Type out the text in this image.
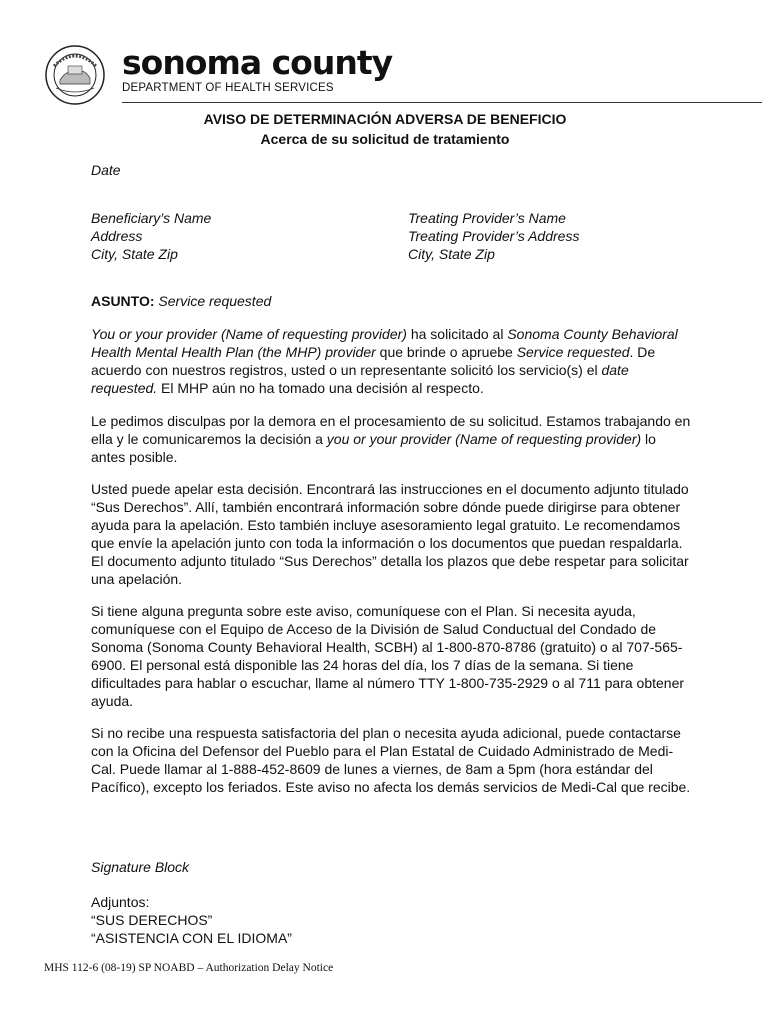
sonoma county
DEPARTMENT OF HEALTH SERVICES
AVISO DE DETERMINACIÓN ADVERSA DE BENEFICIO
Acerca de su solicitud de tratamiento
Date
Beneficiary’s Name
Address
City, State Zip
Treating Provider’s Name
Treating Provider’s Address
City, State Zip
ASUNTO: Service requested

You or your provider (Name of requesting provider) ha solicitado al Sonoma County Behavioral Health Mental Health Plan (the MHP) provider que brinde o apruebe Service requested. De acuerdo con nuestros registros, usted o un representante solicitó los servicio(s) el date requested. El MHP aún no ha tomado una decisión al respecto.

Le pedimos disculpas por la demora en el procesamiento de su solicitud. Estamos trabajando en ella y le comunicaremos la decisión a you or your provider (Name of requesting provider) lo antes posible.

Usted puede apelar esta decisión. Encontrará las instrucciones en el documento adjunto titulado “Sus Derechos”. Allí, también encontrará información sobre dónde puede dirigirse para obtener ayuda para la apelación. Esto también incluye asesoramiento legal gratuito. Le recomendamos que envíe la apelación junto con toda la información o los documentos que puedan respaldarla. El documento adjunto titulado “Sus Derechos” detalla los plazos que debe respetar para solicitar una apelación.
Si tiene alguna pregunta sobre este aviso, comuníquese con el Plan. Si necesita ayuda, comuníquese con el Equipo de Acceso de la División de Salud Conductual del Condado de Sonoma (Sonoma County Behavioral Health, SCBH) al 1-800-870-8786 (gratuito) o al 707-565-6900. El personal está disponible las 24 horas del día, los 7 días de la semana. Si tiene dificultades para hablar o escuchar, llame al número TTY 1-800-735-2929 o al 711 para obtener ayuda.
Si no recibe una respuesta satisfactoria del plan o necesita ayuda adicional, puede contactarse con la Oficina del Defensor del Pueblo para el Plan Estatal de Cuidado Administrado de Medi-Cal. Puede llamar al 1-888-452-8609 de lunes a viernes, de 8am a 5pm (hora estándar del Pacífico), excepto los feriados. Este aviso no afecta los demás servicios de Medi-Cal que recibe.
Signature Block
Adjuntos:
“SUS DERECHOS”
“ASISTENCIA CON EL IDIOMA”
MHS 112-6 (08-19) SP NOABD – Authorization Delay Notice
